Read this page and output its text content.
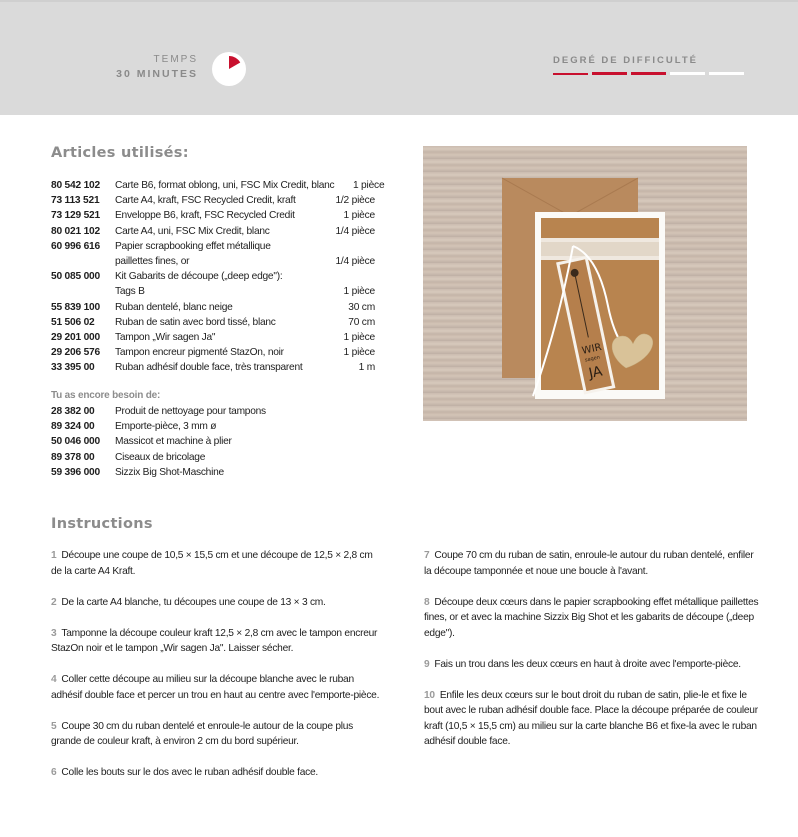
TEMPS
30 MINUTES
DEGRÉ DE DIFFICULTÉ
Articles utilisés:
80 542 102	Carte B6, format oblong, uni, FSC Mix Credit, blanc	1 pièce
73 113 521	Carte A4, kraft, FSC Recycled Credit, kraft	1/2 pièce
73 129 521	Enveloppe B6, kraft, FSC Recycled Credit	1 pièce
80 021 102	Carte A4, uni, FSC Mix Credit, blanc	1/4 pièce
60 996 616	Papier scrapbooking effet métallique
paillettes fines, or	1/4 pièce
50 085 000	Kit Gabarits de découpe („deep edge"):
Tags B	1 pièce
55 839 100	Ruban dentelé, blanc neige	30 cm
51 506 02	Ruban de satin avec bord tissé, blanc	70 cm
29 201 000	Tampon „Wir sagen Ja"	1 pièce
29 206 576	Tampon encreur pigmenté StazOn, noir	1 pièce
33 395 00	Ruban adhésif double face, très transparent	1 m
Tu as encore besoin de:
28 382 00	Produit de nettoyage pour tampons
89 324 00	Emporte-pièce, 3 mm ø
50 046 000	Massicot et machine à plier
89 378 00	Ciseaux de bricolage
59 396 000	Sizzix Big Shot-Maschine
WIR
sagen
JA
Instructions

1 Découpe une coupe de 10,5 × 15,5 cm et une découpe de 12,5 × 2,8 cm de la carte A4 Kraft.

2 De la carte A4 blanche, tu découpes une coupe de 13 × 3 cm.

3 Tamponne la découpe couleur kraft 12,5 × 2,8 cm avec le tampon encreur StazOn noir et le tampon „Wir sagen Ja". Laisser sécher.

4 Coller cette découpe au milieu sur la découpe blanche avec le ruban adhésif double face et percer un trou en haut au centre avec l'emporte-pièce.

5 Coupe 30 cm du ruban dentelé et enroule-le autour de la coupe plus grande de couleur kraft, à environ 2 cm du bord supérieur.

6 Colle les bouts sur le dos avec le ruban adhésif double face.

7 Coupe 70 cm du ruban de satin, enroule-le autour du ruban dentelé, enfiler la découpe tamponnée et noue une boucle à l'avant.

8 Découpe deux cœurs dans le papier scrapbooking effet métallique paillettes fines, or et avec la machine Sizzix Big Shot et les gabarits de découpe („deep edge").

9 Fais un trou dans les deux cœurs en haut à droite avec l'emporte-pièce.

10 Enfile les deux cœurs sur le bout droit du ruban de satin, plie-le et fixe le bout avec le ruban adhésif double face. Place la découpe préparée de couleur kraft (10,5 × 15,5 cm) au milieu sur la carte blanche B6 et fixe-la avec le ruban adhésif double face.
